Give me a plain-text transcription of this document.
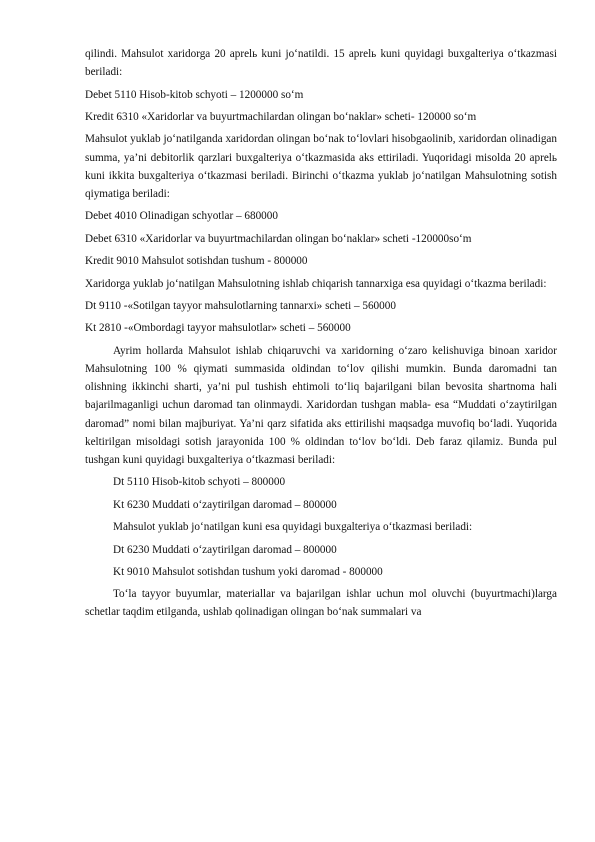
qilindi. Mahsulot xaridorga 20 aprelь kuni jo‘natildi. 15 aprelь kuni quyidagi buxgalteriya o‘tkazmasi beriladi:

Debet 5110 Hisob-kitob schyoti – 1200000 so‘m

Kredit 6310 «Xaridorlar va buyurtmachilardan olingan bo‘naklar» scheti- 120000 so‘m

Mahsulot yuklab jo‘natilganda xaridordan olingan bo‘nak to‘lovlari hisobgaolinib, xaridordan olinadigan summa, ya’ni debitorlik qarzlari buxgalteriya o‘tkazmasida aks ettiriladi. Yuqoridagi misolda 20 aprelь kuni ikkita buxgalteriya o‘tkazmasi beriladi. Birinchi o‘tkazma yuklab jo‘natilgan Mahsulotning sotish qiymatiga beriladi:

Debet 4010 Olinadigan schyotlar – 680000

Debet 6310 «Xaridorlar va buyurtmachilardan olingan bo‘naklar» scheti -120000so‘m

Kredit 9010 Mahsulot sotishdan tushum - 800000

Xaridorga yuklab jo‘natilgan Mahsulotning ishlab chiqarish tannarxiga esa quyidagi o‘tkazma beriladi:

Dt 9110 -«Sotilgan tayyor mahsulotlarning tannarxi» scheti – 560000

Kt 2810 -«Ombordagi tayyor mahsulotlar» scheti – 560000

Ayrim hollarda Mahsulot ishlab chiqaruvchi va xaridorning o‘zaro kelishuviga binoan xaridor Mahsulotning 100 % qiymati summasida oldindan to‘lov qilishi mumkin. Bunda daromadni tan olishning ikkinchi sharti, ya’ni pul tushish ehtimoli to‘liq bajarilgani bilan bevosita shartnoma hali bajarilmaganligi uchun daromad tan olinmaydi. Xaridordan tushgan mabla- esa “Muddati o‘zaytirilgan daromad” nomi bilan majburiyat. Ya’ni qarz sifatida aks ettirilishi maqsadga muvofiq bo‘ladi. Yuqorida keltirilgan misoldagi sotish jarayonida 100 % oldindan to‘lov bo‘ldi. Deb faraz qilamiz. Bunda pul tushgan kuni quyidagi buxgalteriya o‘tkazmasi beriladi:

Dt 5110 Hisob-kitob schyoti – 800000

Kt 6230 Muddati o‘zaytirilgan daromad – 800000

Mahsulot yuklab jo‘natilgan kuni esa quyidagi buxgalteriya o‘tkazmasi beriladi:

Dt 6230 Muddati o‘zaytirilgan daromad – 800000

Kt 9010 Mahsulot sotishdan tushum yoki daromad - 800000

To‘la tayyor buyumlar, materiallar va bajarilgan ishlar uchun mol oluvchi (buyurtmachi)larga schetlar taqdim etilganda, ushlab qolinadigan olingan bo‘nak summalari va
